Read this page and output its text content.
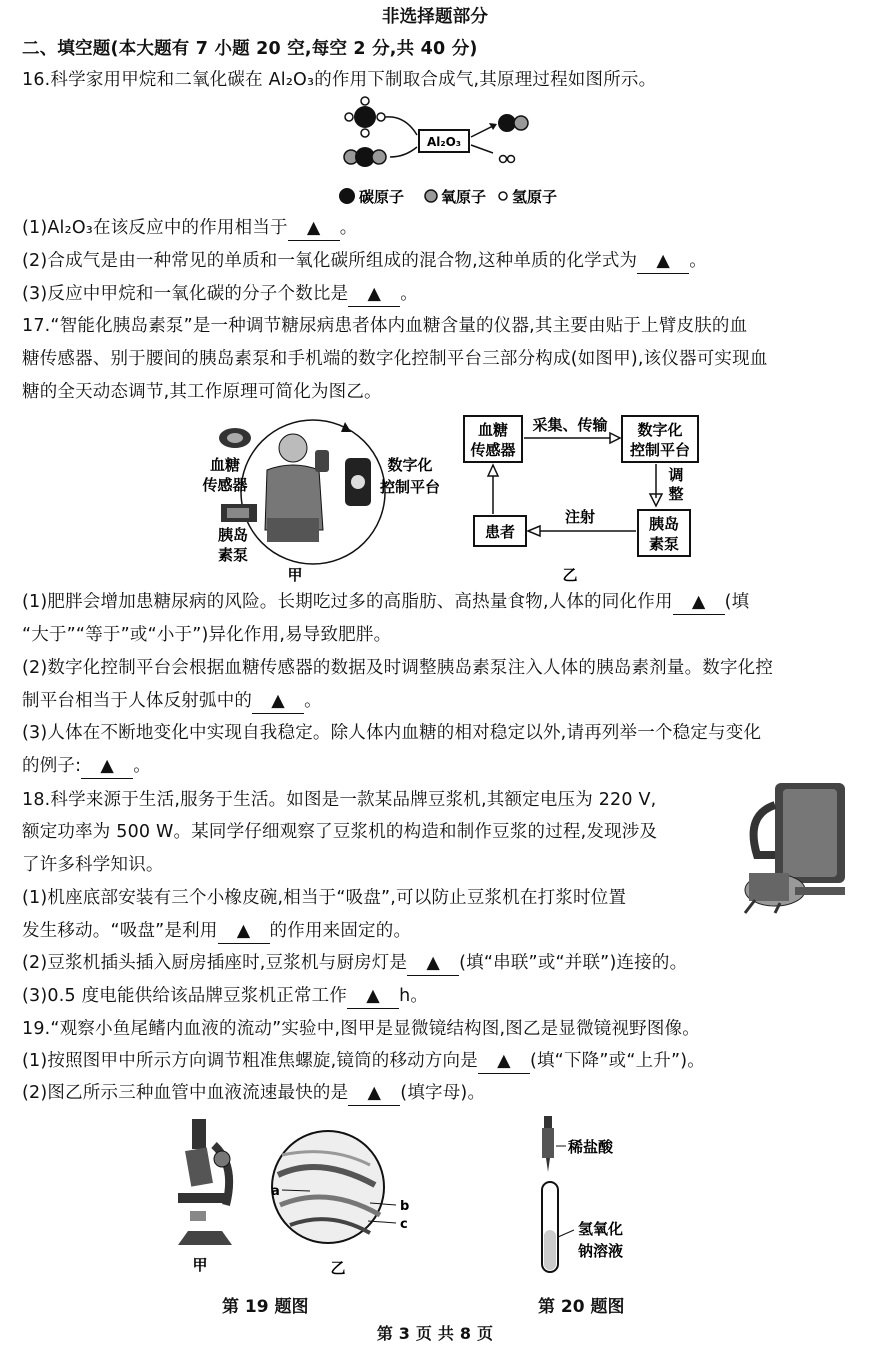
非选择题部分
二、填空题(本大题有 7 小题 20 空,每空 2 分,共 40 分)
16.科学家用甲烷和二氧化碳在 Al₂O₃的作用下制取合成气,其原理过程如图所示。
Al₂O₃
碳原子 氧原子 氢原子
(1)Al₂O₃在该反应中的作用相当于 ▲ 。
(2)合成气是由一种常见的单质和一氧化碳所组成的混合物,这种单质的化学式为 ▲ 。
(3)反应中甲烷和一氧化碳的分子个数比是 ▲ 。
17.“智能化胰岛素泵”是一种调节糖尿病患者体内血糖含量的仪器,其主要由贴于上臂皮肤的血
糖传感器、别于腰间的胰岛素泵和手机端的数字化控制平台三部分构成(如图甲),该仪器可实现血
糖的全天动态调节,其工作原理可简化为图乙。
血糖
传感器
胰岛
素泵
数字化
控制平台
甲
血糖
传感器
数字化
控制平台
采集、传输
胰岛
素泵
调
整
患者
注射
乙
(1)肥胖会增加患糖尿病的风险。长期吃过多的高脂肪、高热量食物,人体的同化作用 ▲ (填
“大于”“等于”或“小于”)异化作用,易导致肥胖。
(2)数字化控制平台会根据血糖传感器的数据及时调整胰岛素泵注入人体的胰岛素剂量。数字化控
制平台相当于人体反射弧中的 ▲ 。
(3)人体在不断地变化中实现自我稳定。除人体内血糖的相对稳定以外,请再列举一个稳定与变化
的例子: ▲ 。
18.科学来源于生活,服务于生活。如图是一款某品牌豆浆机,其额定电压为 220 V,
额定功率为 500 W。某同学仔细观察了豆浆机的构造和制作豆浆的过程,发现涉及
了许多科学知识。
(1)机座底部安装有三个小橡皮碗,相当于“吸盘”,可以防止豆浆机在打浆时位置
发生移动。“吸盘”是利用 ▲ 的作用来固定的。
(2)豆浆机插头插入厨房插座时,豆浆机与厨房灯是 ▲ (填“串联”或“并联”)连接的。
(3)0.5 度电能供给该品牌豆浆机正常工作 ▲ h。
19.“观察小鱼尾鳍内血液的流动”实验中,图甲是显微镜结构图,图乙是显微镜视野图像。
(1)按照图甲中所示方向调节粗准焦螺旋,镜筒的移动方向是 ▲ (填“下降”或“上升”)。
(2)图乙所示三种血管中血液流速最快的是 ▲ (填字母)。
甲
a
b
c
乙
第 19 题图
稀盐酸
氢氧化
钠溶液
第 20 题图
第 3 页 共 8 页
